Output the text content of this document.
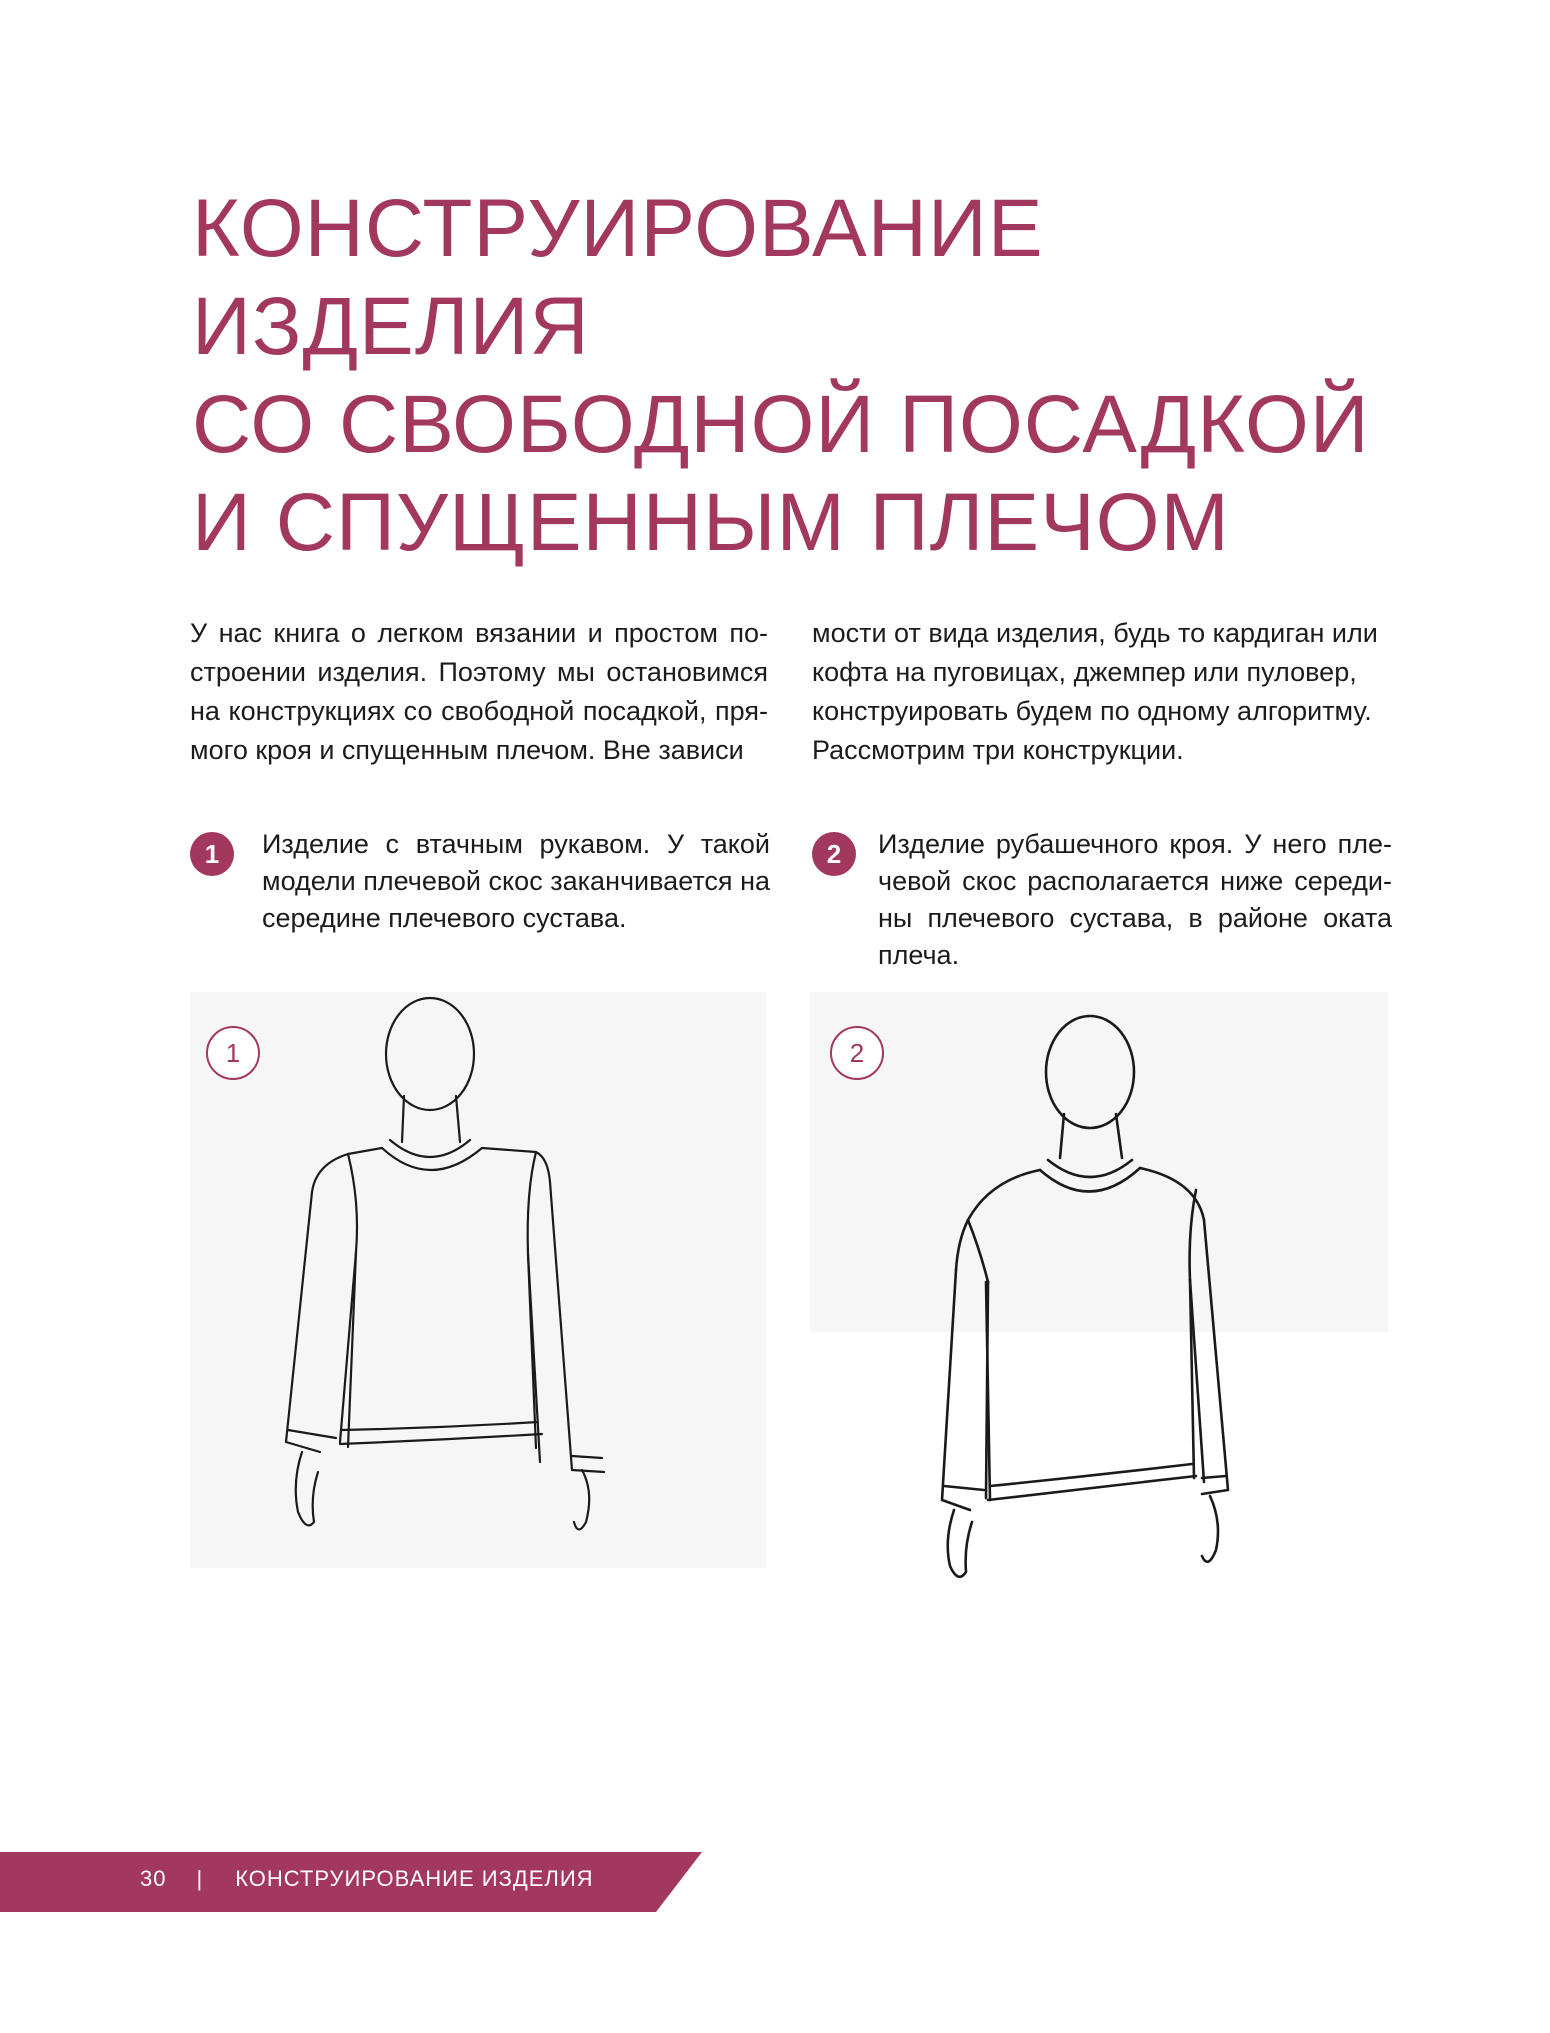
КОНСТРУИРОВАНИЕ ИЗДЕЛИЯ
СО СВОБОДНОЙ ПОСАДКОЙ
И СПУЩЕННЫМ ПЛЕЧОМ

У нас книга о легком вязании и простом построении изделия. Поэтому мы остановимся на конструкциях со свободной посадкой, прямого кроя и спущенным плечом. Вне зависи

мости от вида изделия, будь то кардиган или кофта на пуговицах, джемпер или пуловер, конструировать будем по одному алгоритму. Рассмотрим три конструкции.

1	Изделие с втачным рукавом. У такой модели плечевой скос заканчивается на середине плечевого сустава.

2	Изделие рубашечного кроя. У него плечевой скос располагается ниже середины плечевого сустава, в районе оката плеча.

1	2
30 | КОНСТРУИРОВАНИЕ ИЗДЕЛИЯ
